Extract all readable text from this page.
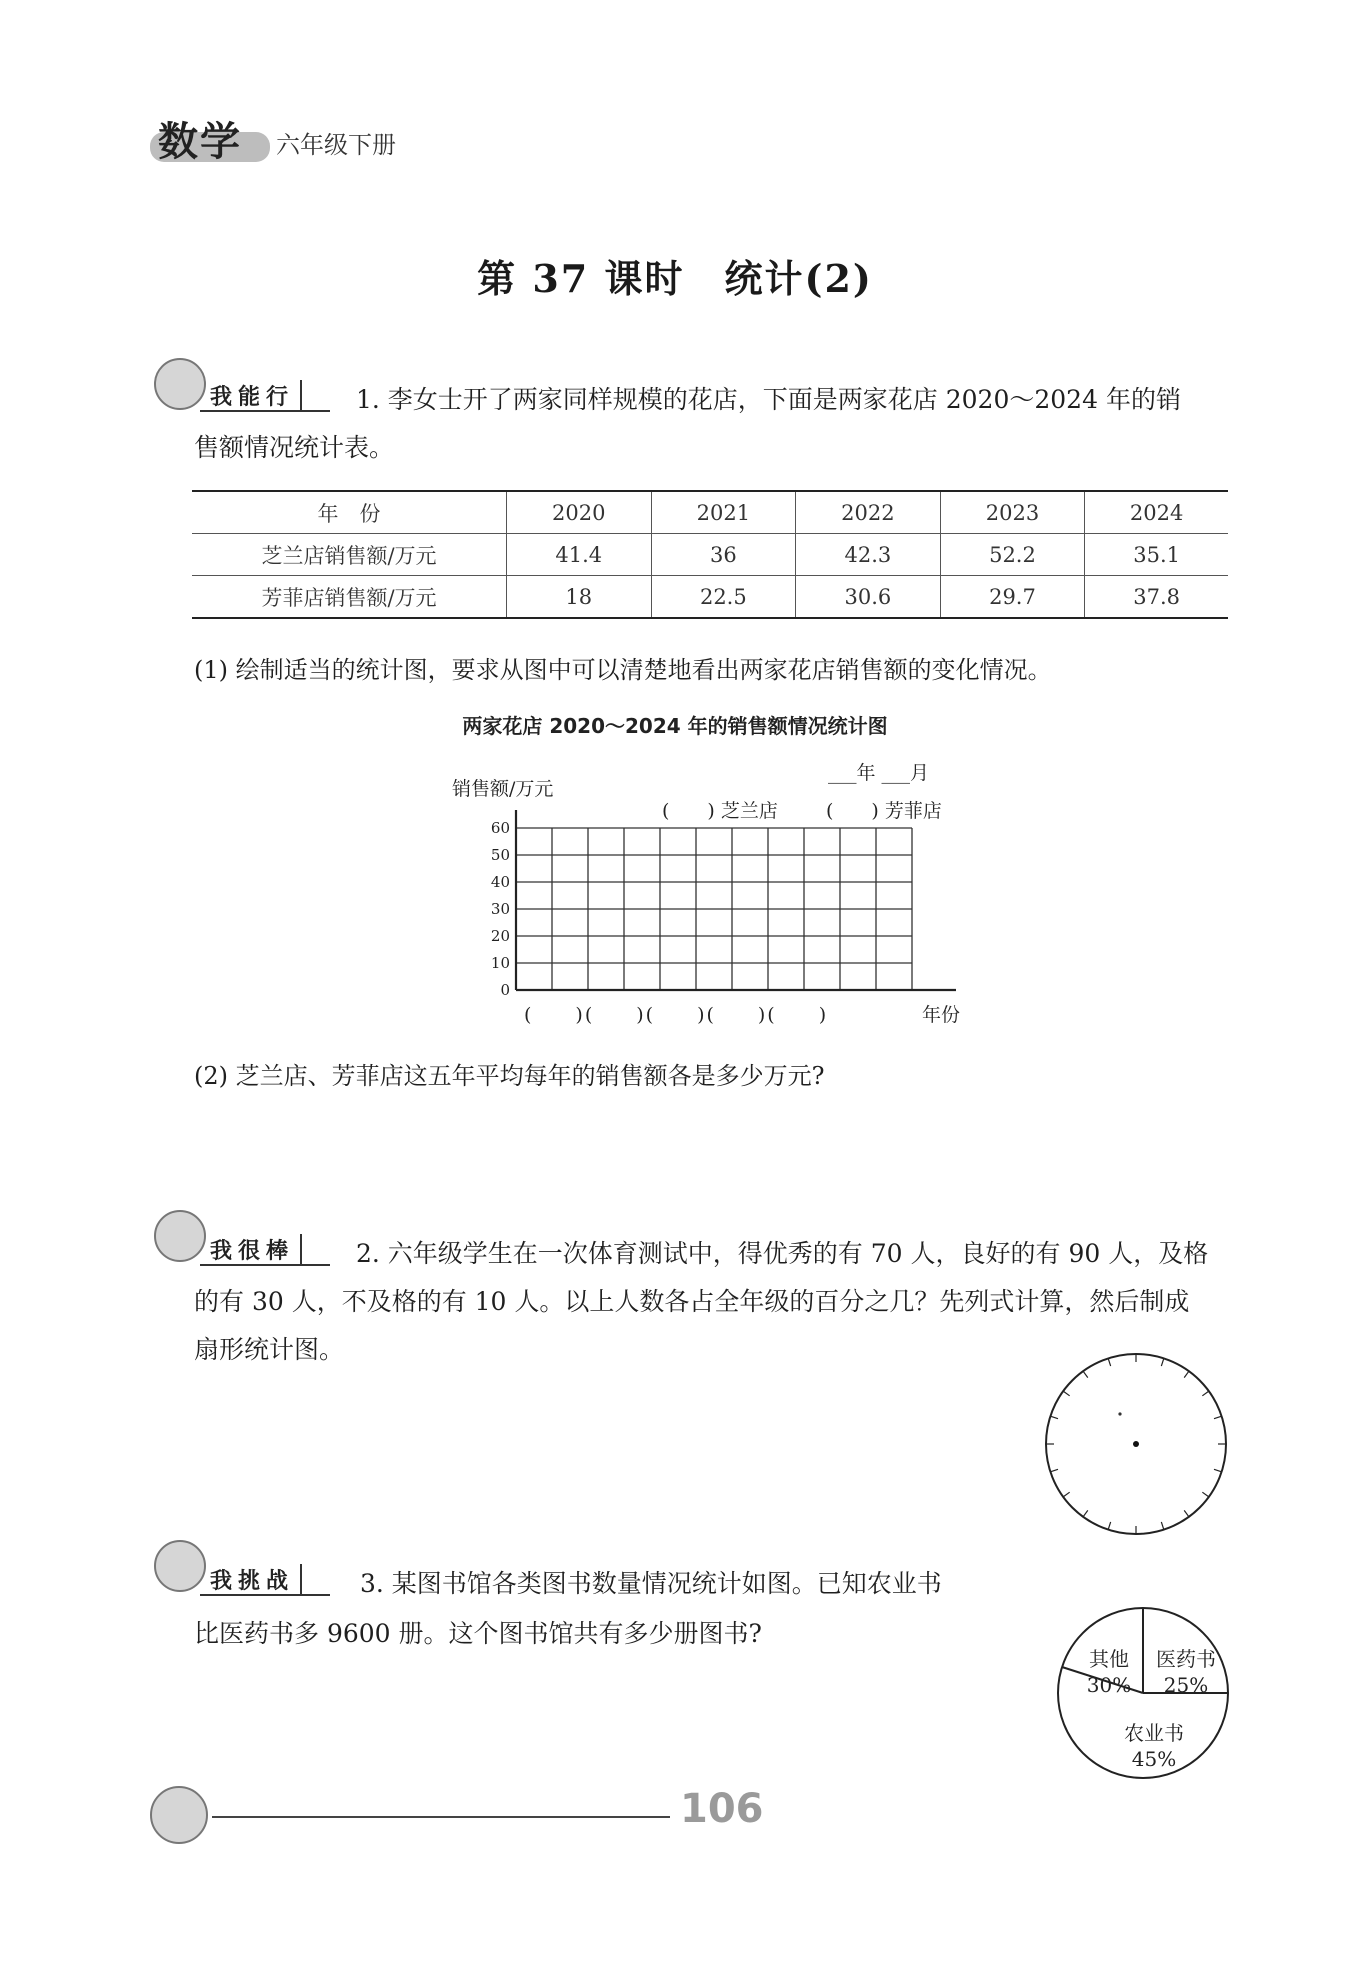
数学 六年级下册
第 37 课时　统计(2)
我能行	1. 李女士开了两家同样规模的花店，下面是两家花店 2020～2024 年的销
售额情况统计表。
年　份	2020	2021	2022	2023	2024
芝兰店销售额/万元	41.4	36	42.3	52.2	35.1
芳菲店销售额/万元	18	22.5	30.6	29.7	37.8
(1) 绘制适当的统计图，要求从图中可以清楚地看出两家花店销售额的变化情况。
两家花店 2020～2024 年的销售额情况统计图
___年 ___月
销售额/万元
(　　) 芝兰店	(　　) 芳菲店
60
50
40
30
20
10
0
(　　)(　　)(　　)(　　)(　　)	年份
(2) 芝兰店、芳菲店这五年平均每年的销售额各是多少万元?
我很棒	2. 六年级学生在一次体育测试中，得优秀的有 70 人，良好的有 90 人，及格
的有 30 人，不及格的有 10 人。以上人数各占全年级的百分之几？先列式计算，然后制成
扇形统计图。
我挑战	3. 某图书馆各类图书数量情况统计如图。已知农业书
比医药书多 9600 册。这个图书馆共有多少册图书?
其他
30%
医药书
25%
农业书
45%
106
